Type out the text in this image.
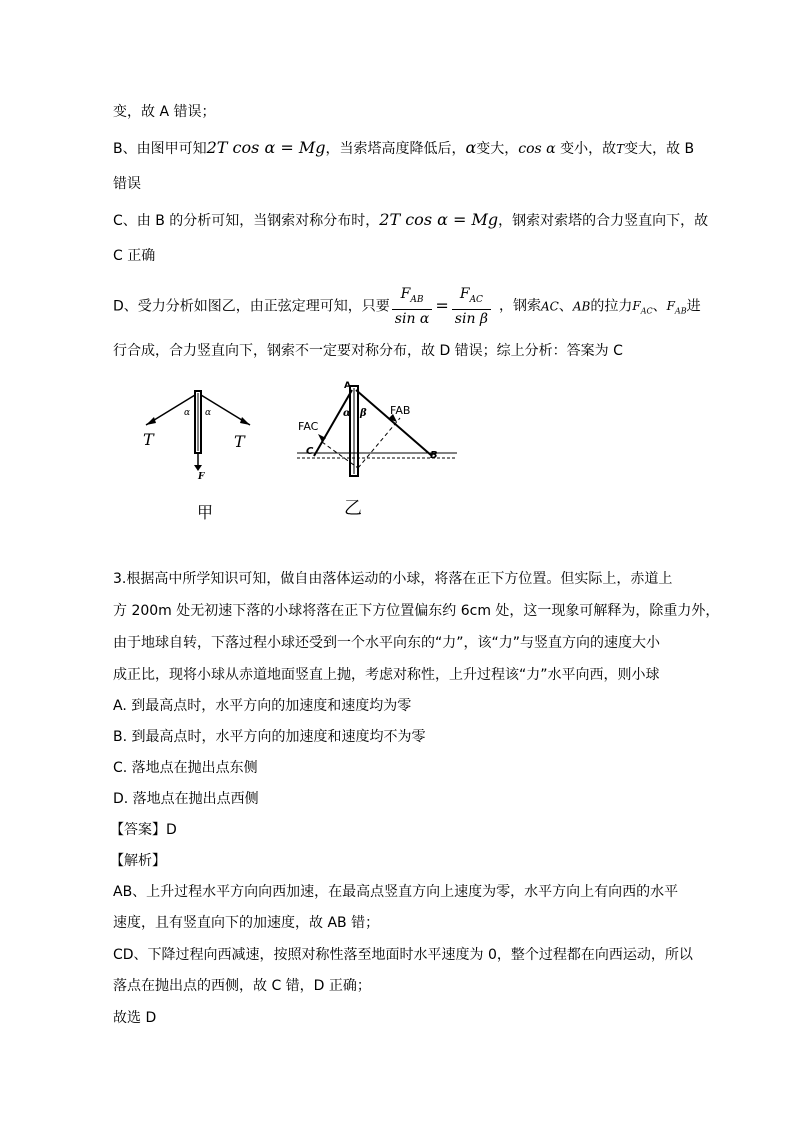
变，故 A 错误；
B、由图甲可知2T cos α = Mg，当索塔高度降低后，α变大，cos α 变小，故T变大，故 B
错误
C、由 B 的分析可知，当钢索对称分布时，2T cos α = Mg，钢索对索塔的合力竖直向下，故
C 正确
D、受力分析如图乙，由正弦定理可知，只要 $\frac{F_{AB}}{\text{sin α}} = \frac{F_{AC}}{\text{sin β}}$ ，钢索AC、AB的拉力$F_{AC}$、$F_{AB}$进
行合成，合力竖直向下，钢索不一定要对称分布，故 D 错误；综上分析：答案为 C
T	T
α α
F
甲
A
B
C
FAC
FAB
α β
乙
3.根据高中所学知识可知，做自由落体运动的小球，将落在正下方位置。但实际上，赤道上
方 200m 处无初速下落的小球将落在正下方位置偏东约 6cm 处，这一现象可解释为，除重力外，
由于地球自转，下落过程小球还受到一个水平向东的“力”，该“力”与竖直方向的速度大小
成正比，现将小球从赤道地面竖直上抛，考虑对称性，上升过程该“力”水平向西，则小球
A. 到最高点时，水平方向的加速度和速度均为零
B. 到最高点时，水平方向的加速度和速度均不为零
C. 落地点在抛出点东侧
D. 落地点在抛出点西侧
【答案】D
【解析】
AB、上升过程水平方向向西加速，在最高点竖直方向上速度为零，水平方向上有向西的水平
速度，且有竖直向下的加速度，故 AB 错；
CD、下降过程向西减速，按照对称性落至地面时水平速度为 0，整个过程都在向西运动，所以
落点在抛出点的西侧，故 C 错，D 正确；
故选 D
